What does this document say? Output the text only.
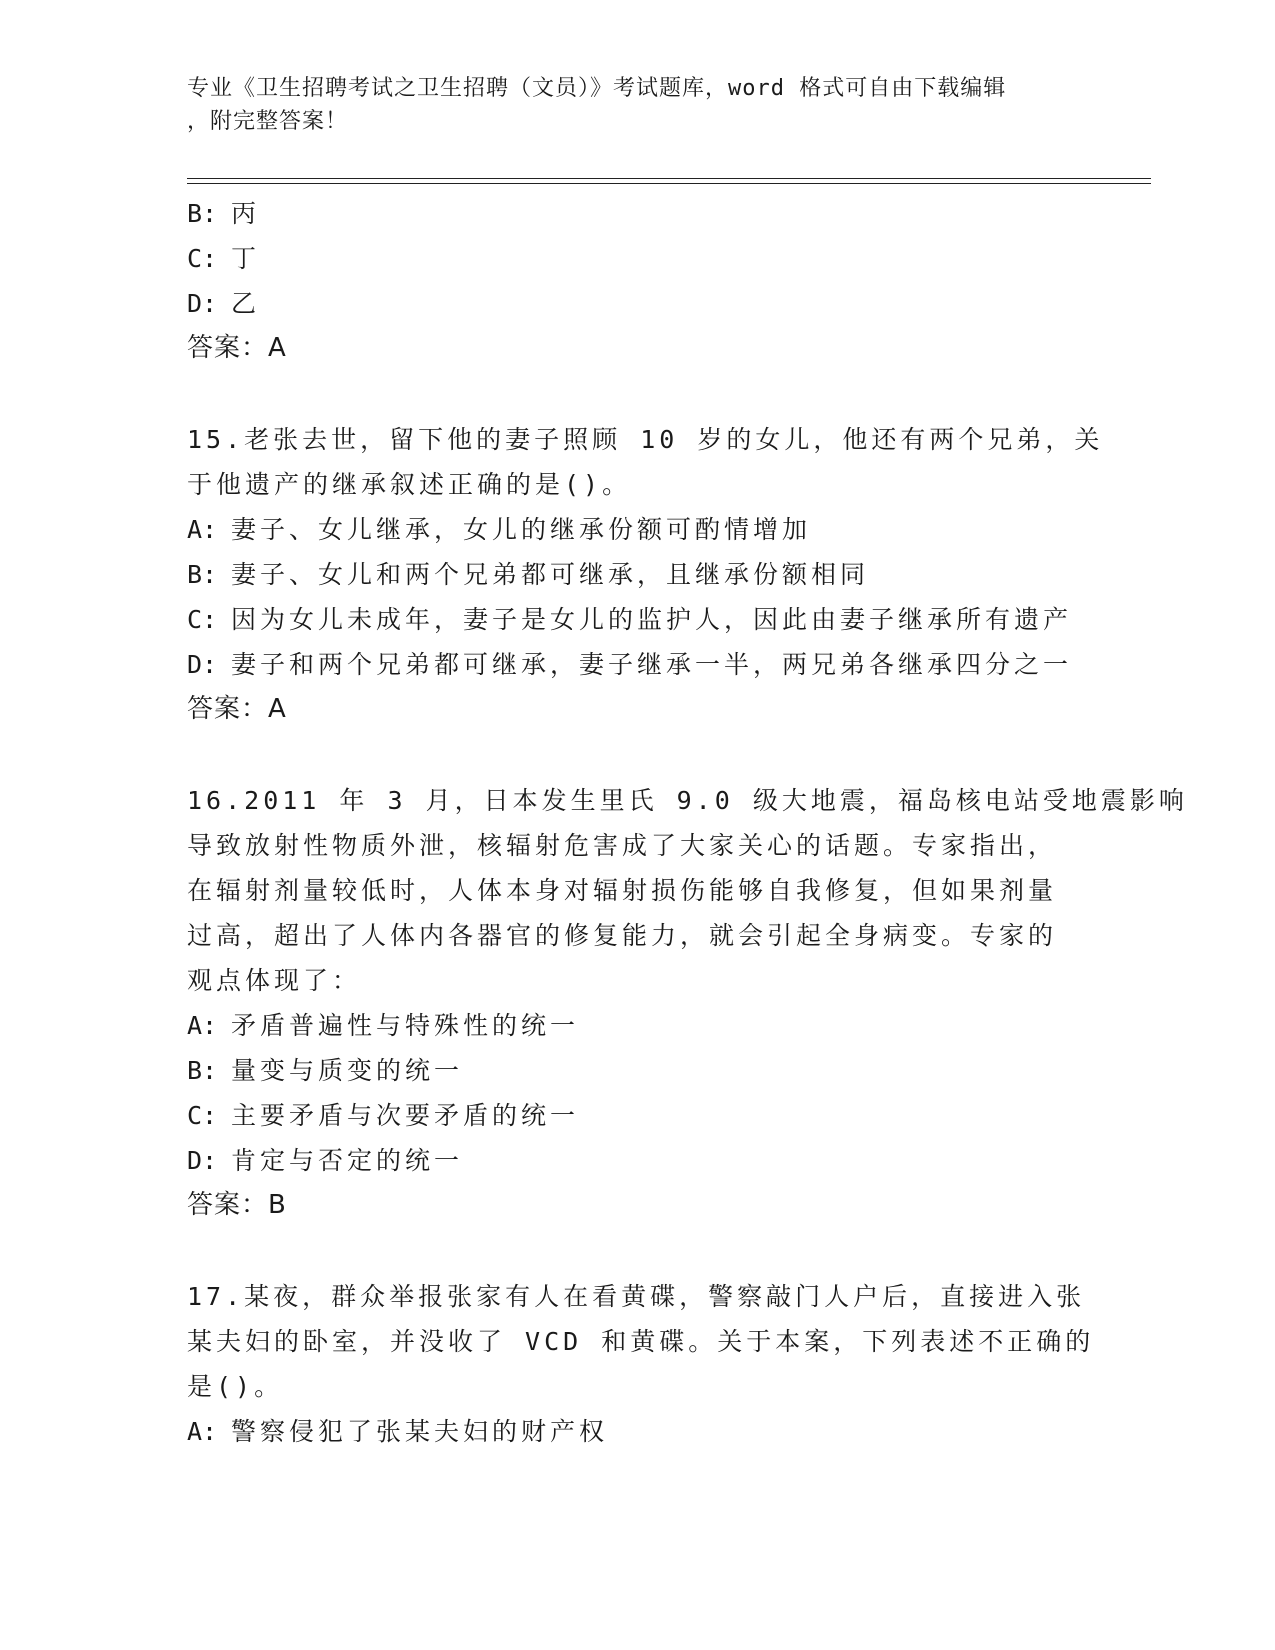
专业《卫生招聘考试之卫生招聘（文员）》考试题库，word 格式可自由下载编辑
，附完整答案！
B: 丙
C: 丁
D: 乙
答案：A
15.老张去世，留下他的妻子照顾 10 岁的女儿，他还有两个兄弟，关
于他遗产的继承叙述正确的是()。
A: 妻子、女儿继承，女儿的继承份额可酌情增加
B: 妻子、女儿和两个兄弟都可继承，且继承份额相同
C: 因为女儿未成年，妻子是女儿的监护人，因此由妻子继承所有遗产
D: 妻子和两个兄弟都可继承，妻子继承一半，两兄弟各继承四分之一
答案：A
16.2011 年 3 月，日本发生里氏 9.0 级大地震，福岛核电站受地震影响
导致放射性物质外泄，核辐射危害成了大家关心的话题。专家指出，
在辐射剂量较低时，人体本身对辐射损伤能够自我修复，但如果剂量
过高，超出了人体内各器官的修复能力，就会引起全身病变。专家的
观点体现了：
A: 矛盾普遍性与特殊性的统一
B: 量变与质变的统一
C: 主要矛盾与次要矛盾的统一
D: 肯定与否定的统一
答案：B
17.某夜，群众举报张家有人在看黄碟，警察敲门人户后，直接进入张
某夫妇的卧室，并没收了 VCD 和黄碟。关于本案，下列表述不正确的
是()。
A: 警察侵犯了张某夫妇的财产权
